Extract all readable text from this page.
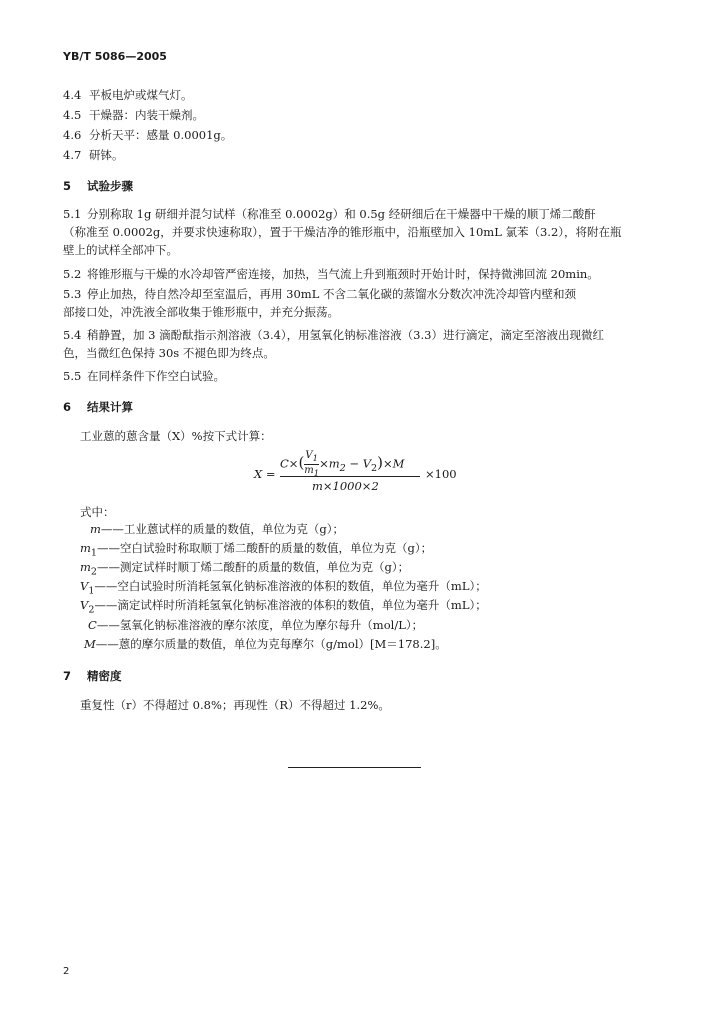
YB/T 5086—2005
4.4 平板电炉或煤气灯。
4.5 干燥器：内装干燥剂。
4.6 分析天平：感量 0.0001g。
4.7 研钵。
5 试验步骤
5.1 分别称取 1g 研细并混匀试样（称准至 0.0002g）和 0.5g 经研细后在干燥器中干燥的顺丁烯二酸酐
（称准至 0.0002g，并要求快速称取），置于干燥洁净的锥形瓶中，沿瓶壁加入 10mL 氯苯（3.2），将附在瓶
壁上的试样全部冲下。
5.2 将锥形瓶与干燥的水冷却管严密连接，加热，当气流上升到瓶颈时开始计时，保持微沸回流 20min。
5.3 停止加热，待自然冷却至室温后，再用 30mL 不含二氧化碳的蒸馏水分数次冲洗冷却管内壁和颈
部接口处，冲洗液全部收集于锥形瓶中，并充分振荡。
5.4 稍静置，加 3 滴酚酞指示剂溶液（3.4），用氢氧化钠标准溶液（3.3）进行滴定，滴定至溶液出现微红
色，当微红色保持 30s 不褪色即为终点。
5.5 在同样条件下作空白试验。
6 结果计算
工业蒽的蒽含量（X）%按下式计算：
X =
$C\times( \frac{V_1}{m_1} \times m_2 - V_2)\times M$
m×1000×2
×100
式中：
m——工业蒽试样的质量的数值，单位为克（g）；
$m_1——$空白试验时称取顺丁烯二酸酐的质量的数值，单位为克（g）；
$m_2——$测定试样时顺丁烯二酸酐的质量的数值，单位为克（g）；
$V_1——$空白试验时所消耗氢氧化钠标准溶液的体积的数值，单位为毫升（mL）；
$V_2——$滴定试样时所消耗氢氧化钠标准溶液的体积的数值，单位为毫升（mL）；
C——氢氧化钠标准溶液的摩尔浓度，单位为摩尔每升（mol/L）；
M——蒽的摩尔质量的数值，单位为克每摩尔（g/mol）[M＝178.2]。
7 精密度
重复性（r）不得超过 0.8%；再现性（R）不得超过 1.2%。
2
